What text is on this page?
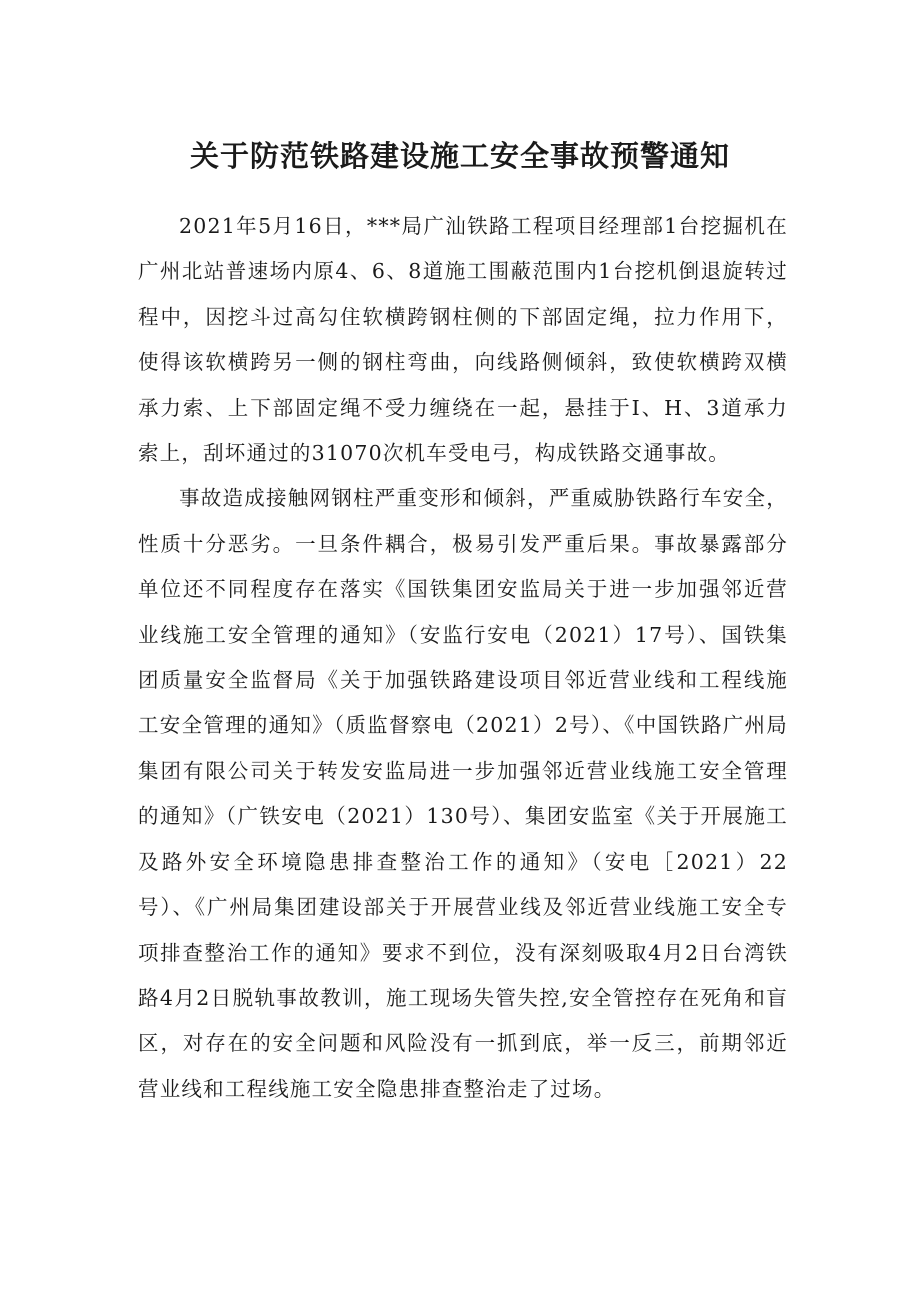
关于防范铁路建设施工安全事故预警通知

2021年5月16日，***局广汕铁路工程项目经理部1台挖掘机在广州北站普速场内原4、6、8道施工围蔽范围内1台挖机倒退旋转过程中，因挖斗过高勾住软横跨钢柱侧的下部固定绳，拉力作用下，使得该软横跨另一侧的钢柱弯曲，向线路侧倾斜，致使软横跨双横承力索、上下部固定绳不受力缠绕在一起，悬挂于I、H、3道承力索上，刮坏通过的31070次机车受电弓，构成铁路交通事故。

事故造成接触网钢柱严重变形和倾斜，严重威胁铁路行车安全，性质十分恶劣。一旦条件耦合，极易引发严重后果。事故暴露部分单位还不同程度存在落实《国铁集团安监局关于进一步加强邻近营业线施工安全管理的通知》（安监行安电（2021）17号）、国铁集团质量安全监督局《关于加强铁路建设项目邻近营业线和工程线施工安全管理的通知》（质监督察电（2021）2号）、《中国铁路广州局集团有限公司关于转发安监局进一步加强邻近营业线施工安全管理的通知》（广铁安电（2021）130号）、集团安监室《关于开展施工及路外安全环境隐患排查整治工作的通知》（安电［2021）22号）、《广州局集团建设部关于开展营业线及邻近营业线施工安全专项排查整治工作的通知》要求不到位，没有深刻吸取4月2日台湾铁路4月2日脱轨事故教训，施工现场失管失控,安全管控存在死角和盲区，对存在的安全问题和风险没有一抓到底，举一反三，前期邻近营业线和工程线施工安全隐患排查整治走了过场。
